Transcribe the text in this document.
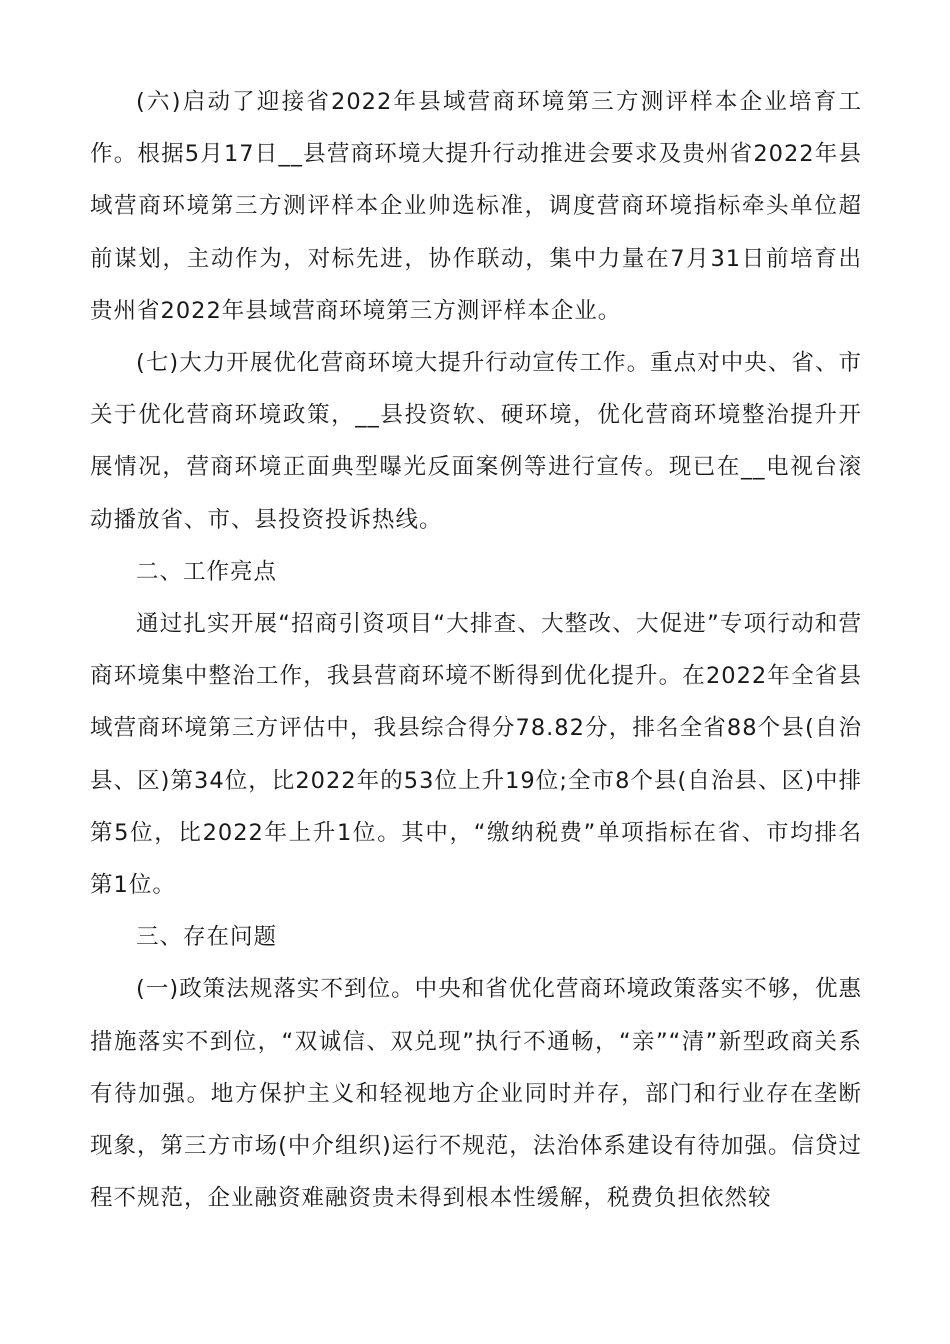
(六)启动了迎接省2022年县域营商环境第三方测评样本企业培育工作。根据5月17日__县营商环境大提升行动推进会要求及贵州省2022年县域营商环境第三方测评样本企业帅选标准，调度营商环境指标牵头单位超前谋划，主动作为，对标先进，协作联动，集中力量在7月31日前培育出贵州省2022年县域营商环境第三方测评样本企业。

(七)大力开展优化营商环境大提升行动宣传工作。重点对中央、省、市关于优化营商环境政策，__县投资软、硬环境，优化营商环境整治提升开展情况，营商环境正面典型曝光反面案例等进行宣传。现已在__电视台滚动播放省、市、县投资投诉热线。

二、工作亮点

通过扎实开展“招商引资项目“大排查、大整改、大促进”专项行动和营商环境集中整治工作，我县营商环境不断得到优化提升。在2022年全省县域营商环境第三方评估中，我县综合得分78.82分，排名全省88个县(自治县、区)第34位，比2022年的53位上升19位;全市8个县(自治县、区)中排第5位，比2022年上升1位。其中，“缴纳税费”单项指标在省、市均排名第1位。

三、存在问题

(一)政策法规落实不到位。中央和省优化营商环境政策落实不够，优惠措施落实不到位，“双诚信、双兑现”执行不通畅，“亲”“清”新型政商关系有待加强。地方保护主义和轻视地方企业同时并存，部门和行业存在垄断现象，第三方市场(中介组织)运行不规范，法治体系建设有待加强。信贷过程不规范，企业融资难融资贵未得到根本性缓解，税费负担依然较
